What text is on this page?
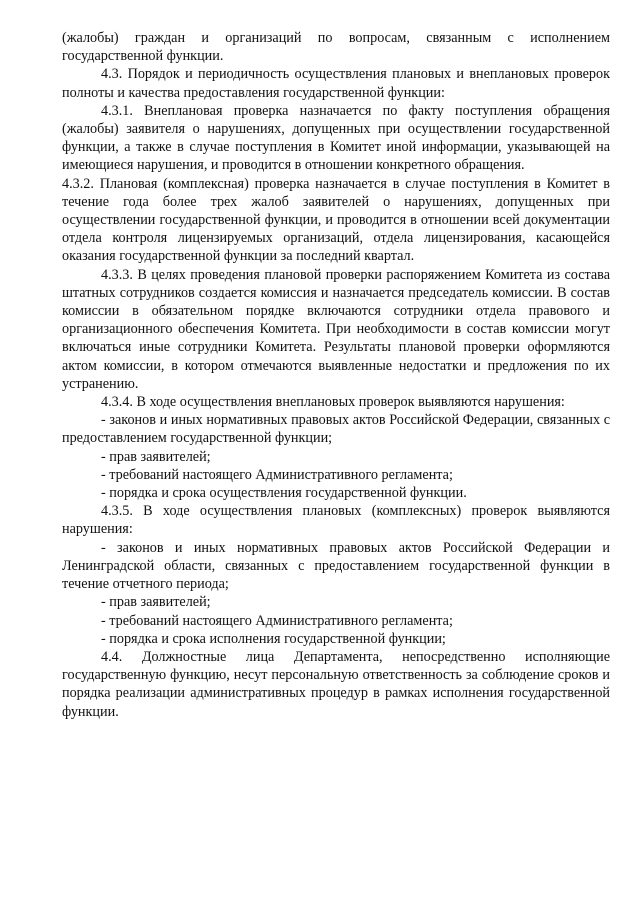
(жалобы) граждан и организаций по вопросам, связанным с исполнением государственной функции.

4.3. Порядок и периодичность осуществления плановых и внеплановых проверок полноты и качества предоставления государственной функции:

4.3.1. Внеплановая проверка назначается по факту поступления обращения (жалобы) заявителя о нарушениях, допущенных при осуществлении государственной функции, а также в случае поступления в Комитет иной информации, указывающей на имеющиеся нарушения, и проводится в отношении конкретного обращения.

4.3.2. Плановая (комплексная) проверка назначается в случае поступления в Комитет в течение года более трех жалоб заявителей о нарушениях, допущенных при осуществлении государственной функции, и проводится в отношении всей документации отдела контроля лицензируемых организаций, отдела лицензирования, касающейся оказания государственной функции за последний квартал.

4.3.3. В целях проведения плановой проверки распоряжением Комитета из состава штатных сотрудников создается комиссия и назначается председатель комиссии. В состав комиссии в обязательном порядке включаются сотрудники отдела правового и организационного обеспечения Комитета. При необходимости в состав комиссии могут включаться иные сотрудники Комитета. Результаты плановой проверки оформляются актом комиссии, в котором отмечаются выявленные недостатки и предложения по их устранению.

4.3.4. В ходе осуществления внеплановых проверок выявляются нарушения:

- законов и иных нормативных правовых актов Российской Федерации, связанных с предоставлением государственной функции;

- прав заявителей;

- требований настоящего Административного регламента;

- порядка и срока осуществления государственной функции.

4.3.5. В ходе осуществления плановых (комплексных) проверок выявляются нарушения:

- законов и иных нормативных правовых актов Российской Федерации и Ленинградской области, связанных с предоставлением государственной функции в течение отчетного периода;

- прав заявителей;

- требований настоящего Административного регламента;

- порядка и срока исполнения государственной функции;

4.4. Должностные лица Департамента, непосредственно исполняющие государственную функцию, несут персональную ответственность за соблюдение сроков и порядка реализации административных процедур в рамках исполнения государственной функции.
